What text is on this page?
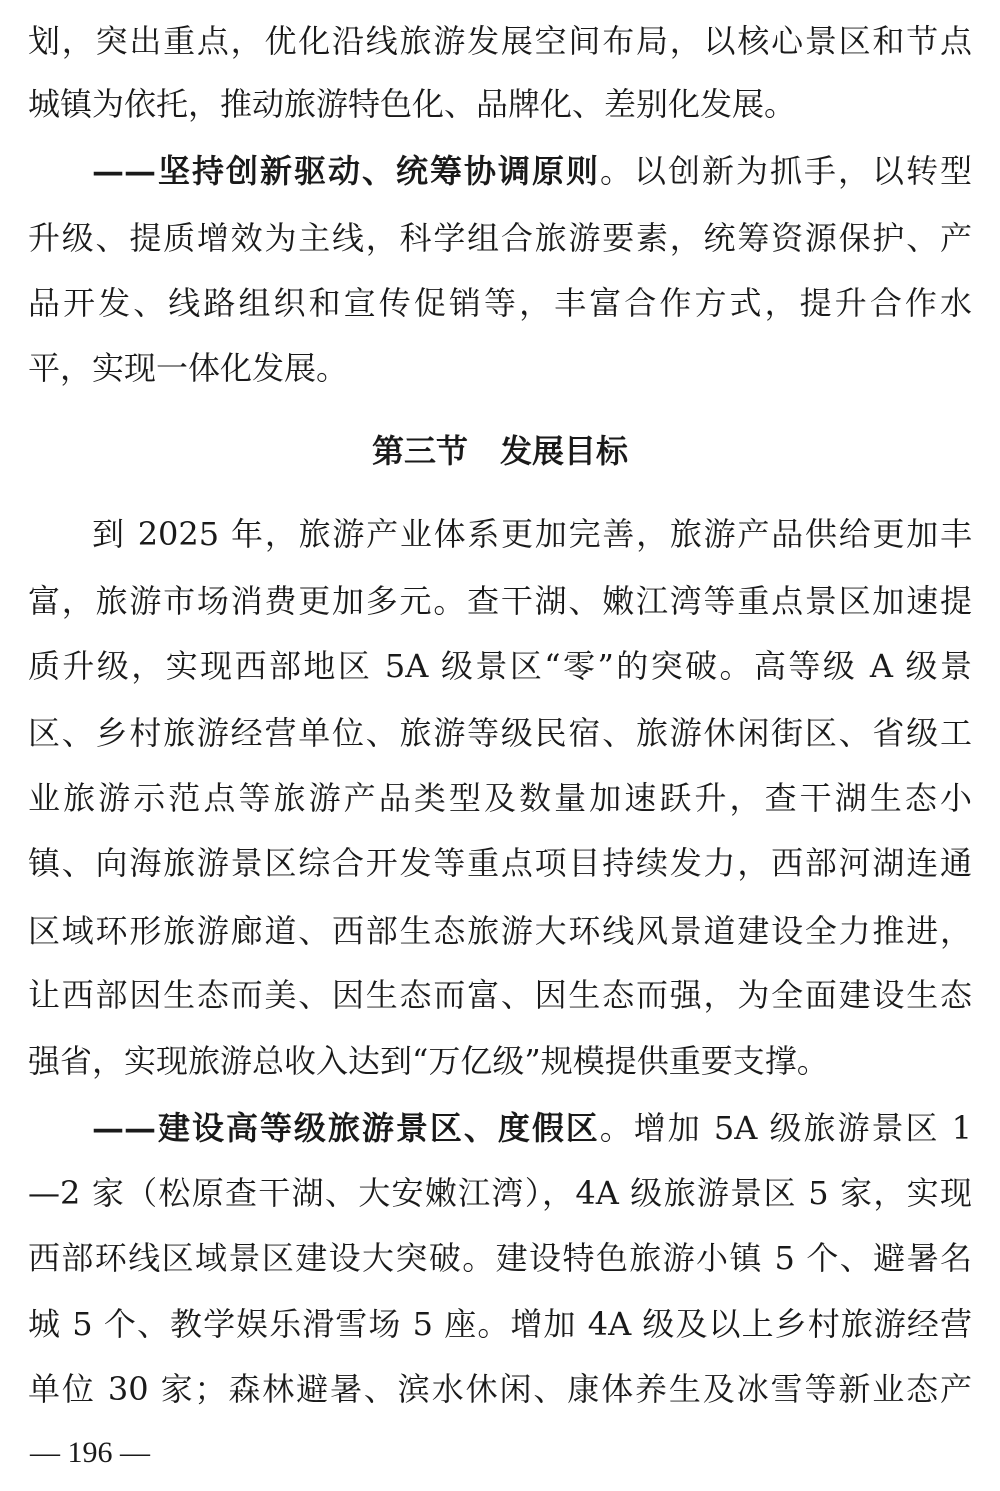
划，突出重点，优化沿线旅游发展空间布局，以核心景区和节点
城镇为依托，推动旅游特色化、品牌化、差别化发展。
——坚持创新驱动、统筹协调原则。以创新为抓手，以转型
升级、提质增效为主线，科学组合旅游要素，统筹资源保护、产
品开发、线路组织和宣传促销等，丰富合作方式，提升合作水
平，实现一体化发展。
第三节　发展目标
到 2025 年，旅游产业体系更加完善，旅游产品供给更加丰
富，旅游市场消费更加多元。查干湖、嫩江湾等重点景区加速提
质升级，实现西部地区 5A 级景区“零”的突破。高等级 A 级景
区、乡村旅游经营单位、旅游等级民宿、旅游休闲街区、省级工
业旅游示范点等旅游产品类型及数量加速跃升，查干湖生态小
镇、向海旅游景区综合开发等重点项目持续发力，西部河湖连通
区域环形旅游廊道、西部生态旅游大环线风景道建设全力推进，
让西部因生态而美、因生态而富、因生态而强，为全面建设生态
强省，实现旅游总收入达到“万亿级”规模提供重要支撑。
——建设高等级旅游景区、度假区。增加 5A 级旅游景区 1
—2 家（松原查干湖、大安嫩江湾），4A 级旅游景区 5 家，实现
西部环线区域景区建设大突破。建设特色旅游小镇 5 个、避暑名
城 5 个、教学娱乐滑雪场 5 座。增加 4A 级及以上乡村旅游经营
单位 30 家；森林避暑、滨水休闲、康体养生及冰雪等新业态产
— 196 —
